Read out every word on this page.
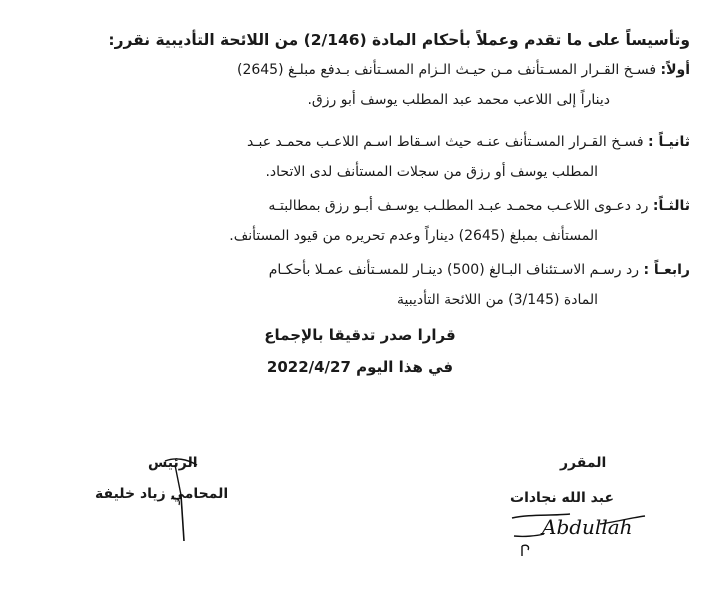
وتأسيساً على ما تقدم وعملاً بأحكام المادة (2/146) من اللائحة التأديبية نقرر:
أولاً: فسـخ القـرار المسـتأنف مـن حيـث الـزام المسـتأنف بـدفع مبلـغ (2645)
ديناراً إلى اللاعب محمد عبد المطلب يوسف أبو رزق.
ثانيـاً : فسـخ القـرار المسـتأنف عنـه حيث اسـقاط اسـم اللاعـب محمـد عبـد
المطلب يوسف أو رزق من سجلات المستأنف لدى الاتحاد.
ثالثـاً: رد دعـوى اللاعـب محمـد عبـد المطلـب يوسـف أبـو رزق بمطالبتـه
المستأنف بمبلغ (2645) ديناراً وعدم تحريره من قيود المستأنف.
رابعـاً : رد رسـم الاسـتئناف البـالغ (500) دينـار للمسـتأنف عمـلا بأحكـام
المادة (3/145) من اللائحة التأديبية
قرارا صدر تدقيقا بالإجماع
في هذا اليوم 2022/4/27
المقرر
عبد الله نجادات
Abdullah
الرئيس
المحامي زياد خليفة
